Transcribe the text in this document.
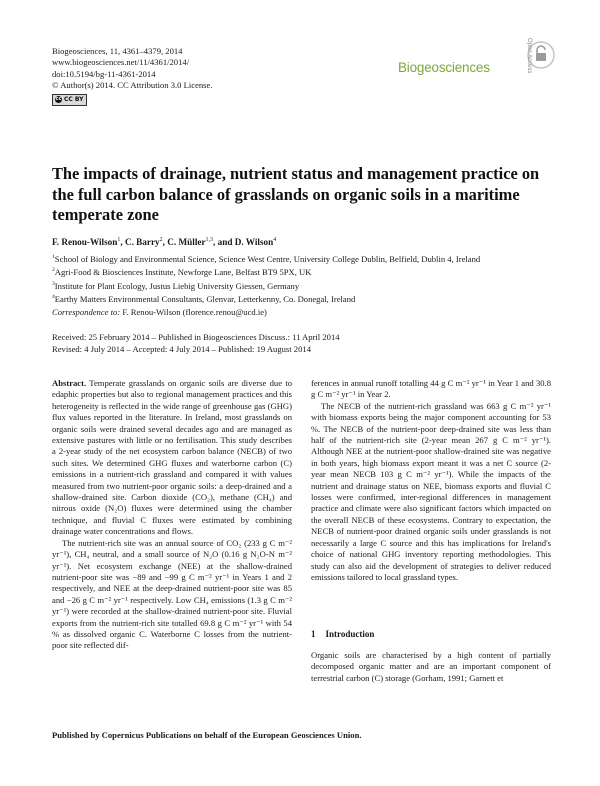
Biogeosciences, 11, 4361–4379, 2014
www.biogeosciences.net/11/4361/2014/
doi:10.5194/bg-11-4361-2014
© Author(s) 2014. CC Attribution 3.0 License.
cc CC BY
Biogeosciences	Open Access
The impacts of drainage, nutrient status and management practice on the full carbon balance of grasslands on organic soils in a maritime temperate zone
F. Renou-Wilson$^1$, C. Barry$^2$, C. Müller$^{1,3}$, and D. Wilson$^4$
$^1$School of Biology and Environmental Science, Science West Centre, University College Dublin, Belfield, Dublin 4, Ireland
$^2$Agri-Food & Biosciences Institute, Newforge Lane, Belfast BT9 5PX, UK
$^3$Institute for Plant Ecology, Justus Liebig University Giessen, Germany
$^4$Earthy Matters Environmental Consultants, Glenvar, Letterkenny, Co. Donegal, Ireland
Correspondence to: F. Renou-Wilson (florence.renou@ucd.ie)
Received: 25 February 2014 – Published in Biogeosciences Discuss.: 11 April 2014
Revised: 4 July 2014 – Accepted: 4 July 2014 – Published: 19 August 2014

Abstract. Temperate grasslands on organic soils are diverse due to edaphic properties but also to regional management practices and this heterogeneity is reflected in the wide range of greenhouse gas (GHG) flux values reported in the literature. In Ireland, most grasslands on organic soils were drained several decades ago and are managed as extensive pastures with little or no fertilisation. This study describes a 2-year study of the net ecosystem carbon balance (NECB) of two such sites. We determined GHG fluxes and waterborne carbon (C) emissions in a nutrient-rich grassland and compared it with values measured from two nutrient-poor organic soils: a deep-drained and a shallow-drained site. Carbon dioxide (CO₂), methane (CH₄) and nitrous oxide (N₂O) fluxes were determined using the chamber technique, and fluvial C fluxes were estimated by combining drainage water concentrations and flows.

The nutrient-rich site was an annual source of CO₂ (233 g C m⁻² yr⁻¹), CH₄ neutral, and a small source of N₂O (0.16 g N₂O-N m⁻² yr⁻¹). Net ecosystem exchange (NEE) at the shallow-drained nutrient-poor site was −89 and −99 g C m⁻² yr⁻¹ in Years 1 and 2 respectively, and NEE at the deep-drained nutrient-poor site was 85 and −26 g C m⁻² yr⁻¹ respectively. Low CH₄ emissions (1.3 g C m⁻² yr⁻¹) were recorded at the shallow-drained nutrient-poor site. Fluvial exports from the nutrient-rich site totalled 69.8 g C m⁻² yr⁻¹ with 54 % as dissolved organic C. Waterborne C losses from the nutrient-poor site reflected dif-

ferences in annual runoff totalling 44 g C m⁻² yr⁻¹ in Year 1 and 30.8 g C m⁻² yr⁻¹ in Year 2.

The NECB of the nutrient-rich grassland was 663 g C m⁻² yr⁻¹ with biomass exports being the major component accounting for 53 %. The NECB of the nutrient-poor deep-drained site was less than half of the nutrient-rich site (2-year mean 267 g C m⁻² yr⁻¹). Although NEE at the nutrient-poor shallow-drained site was negative in both years, high biomass export meant it was a net C source (2-year mean NECB 103 g C m⁻² yr⁻¹). While the impacts of the nutrient and drainage status on NEE, biomass exports and fluvial C losses were confirmed, inter-regional differences in management practice and climate were also significant factors which impacted on the overall NECB of these ecosystems. Contrary to expectation, the NECB of nutrient-poor drained organic soils under grasslands is not necessarily a large C source and this has implications for Ireland's choice of national GHG inventory reporting methodologies. This study can also aid the development of strategies to deliver reduced emissions tailored to local grassland types.

1 Introduction
Organic soils are characterised by a high content of partially decomposed organic matter and are an important component of terrestrial carbon (C) storage (Gorham, 1991; Garnett et
Published by Copernicus Publications on behalf of the European Geosciences Union.
